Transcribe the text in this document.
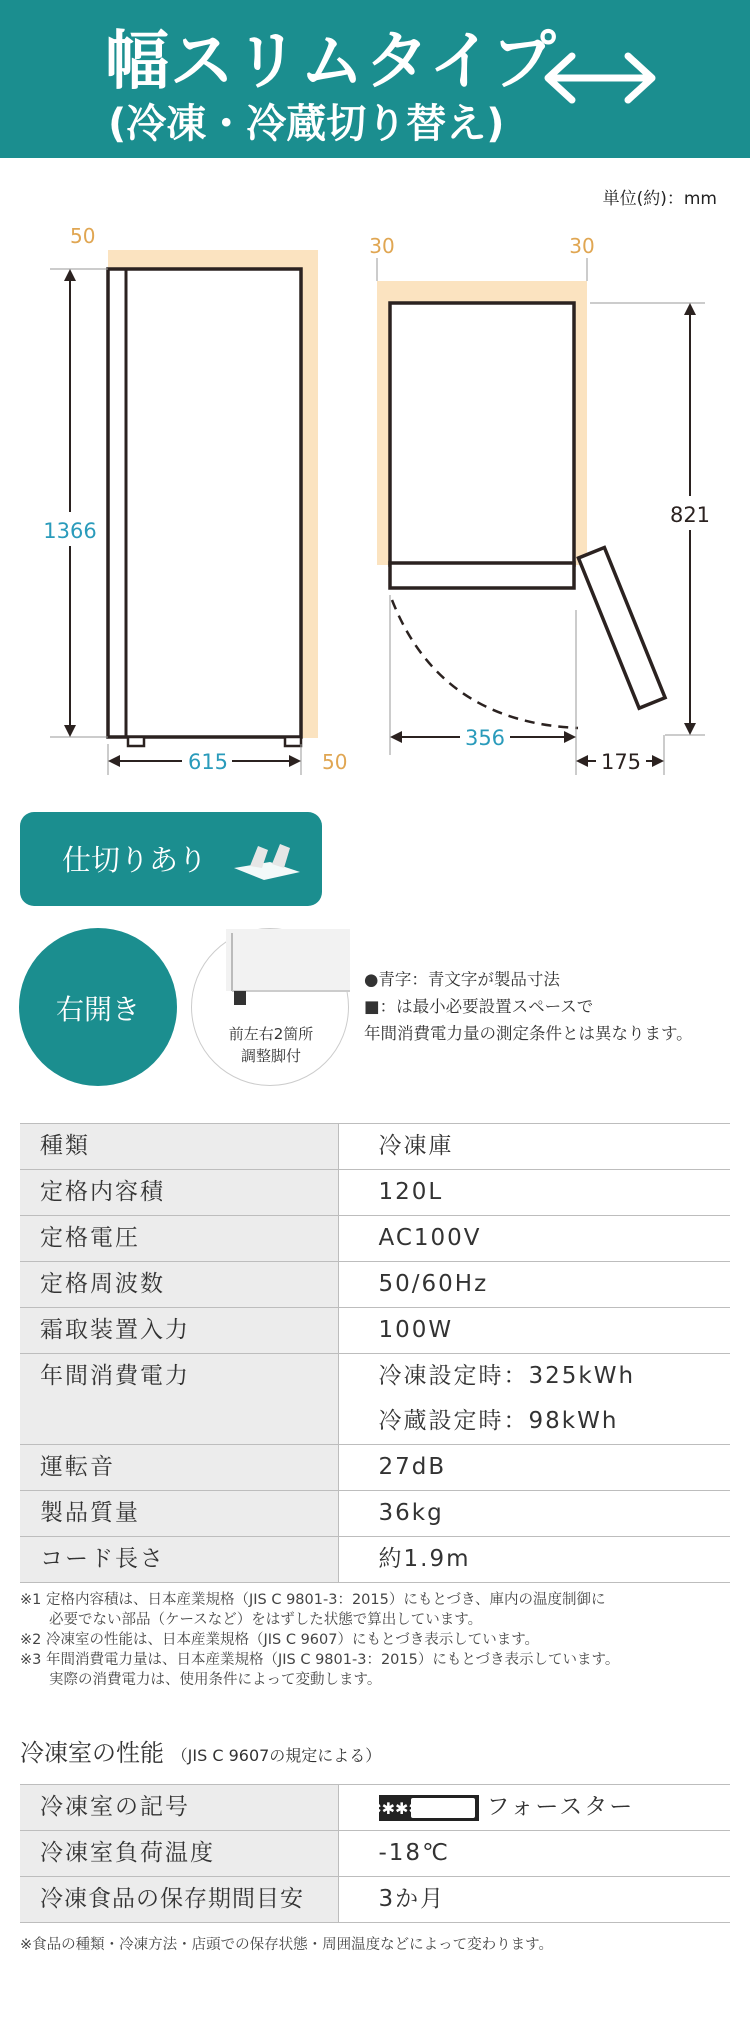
幅スリムタイプ
(冷凍・冷蔵切り替え)
単位(約)：mm
50
1366
615	50
30	30
821
356
175
仕切りあり
右開き
前左右2箇所
調整脚付
●青字：青文字が製品寸法
■：は最小必要設置スペースで
年間消費電力量の測定条件とは異なります。
種類	冷凍庫
定格内容積	120L
定格電圧	AC100V
定格周波数	50/60Hz
霜取装置入力	100W
年間消費電力	冷凍設定時：325kWh
冷蔵設定時：98kWh

運転音	27dB
製品質量	36kg
コード長さ	約1.9m
※1 定格内容積は、日本産業規格（JIS C 9801-3：2015）にもとづき、庫内の温度制御に
　　必要でない部品（ケースなど）をはずした状態で算出しています。
※2 冷凍室の性能は、日本産業規格（JIS C 9607）にもとづき表示しています。
※3 年間消費電力量は、日本産業規格（JIS C 9801-3：2015）にもとづき表示しています。
　　実際の消費電力は、使用条件によって変動します。
冷凍室の性能 （JIS C 9607の規定による）
冷凍室の記号	✱✱✱✱ フォースター
冷凍室負荷温度	-18℃
冷凍食品の保存期間目安	3か月
※食品の種類・冷凍方法・店頭での保存状態・周囲温度などによって変わります。
